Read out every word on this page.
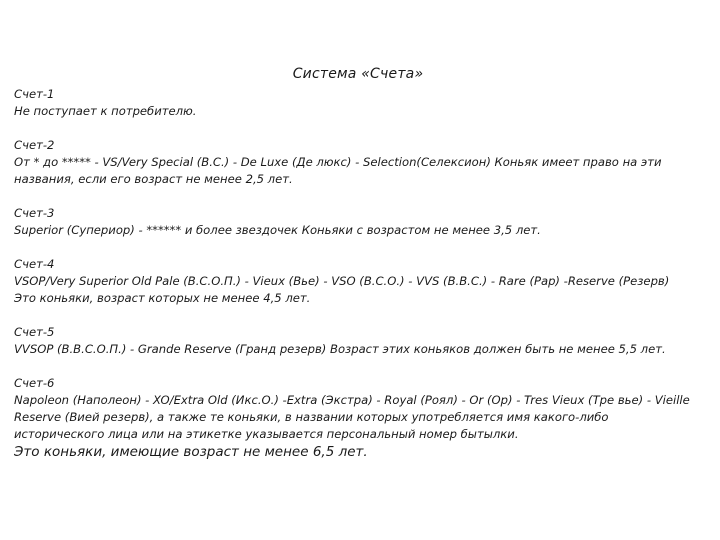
Система «Счета»
Счет-1
Не поступает к потребителю.
Счет-2
От * до ***** - VS/Very Special (В.С.) - De Luxe (Де люкс) - Selection(Селексион) Коньяк имеет право на эти названия, если его возраст не менее 2,5 лет.
Счет-3
Superior (Супериор) - ****** и более звездочек Коньяки с возрастом не менее 3,5 лет.
Счет-4
VSOP/Very Superior Old Pale (В.С.О.П.) - Vieux (Вье) - VSO (В.С.О.) - VVS (В.В.С.) - Rare (Рар) -Reserve (Резерв) Это коньяки, возраст которых не менее 4,5 лет.
Счет-5
VVSOP (В.В.С.О.П.) - Grande Reserve (Гранд резерв) Возраст этих коньяков должен быть не менее 5,5 лет.
Счет-6
Napoleon (Наполеон) - XO/Extra Old (Икс.О.) -Extra (Экстра) - Royal (Роял) - Or (Ор) - Tres Vieux (Тре вье) - Vieille Reserve (Вией резерв), а также те коньяки, в названии которых употребляется имя какого-либо исторического лица или на этикетке указывается персональный номер бытылки.
Это коньяки, имеющие возраст не менее 6,5 лет.
